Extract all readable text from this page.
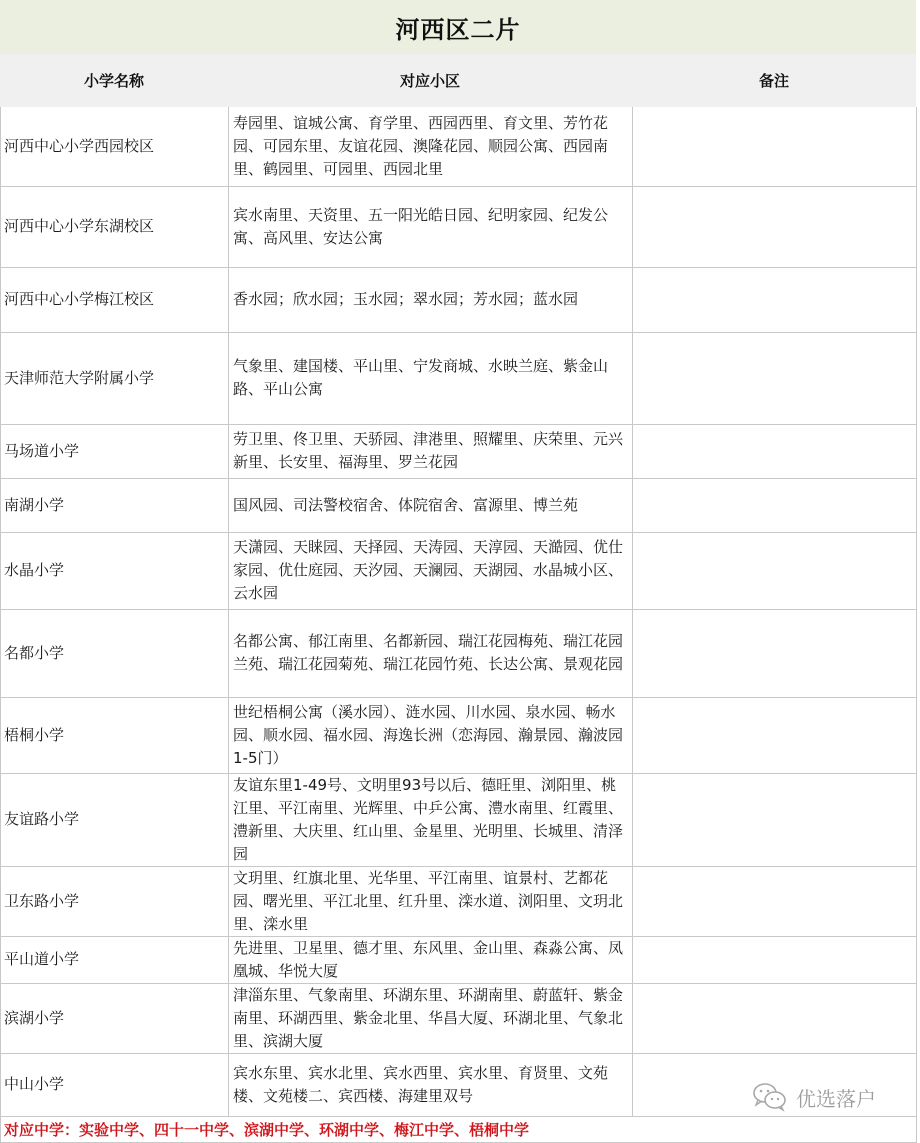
河西区二片
小学名称	对应小区	备注
河西中心小学西园校区	寿园里、谊城公寓、育学里、西园西里、育文里、芳竹花园、可园东里、友谊花园、澳隆花园、顺园公寓、西园南里、鹤园里、可园里、西园北里	
河西中心小学东湖校区	宾水南里、天资里、五一阳光皓日园、纪明家园、纪发公寓、高风里、安达公寓	
河西中心小学梅江校区	香水园；欣水园；玉水园；翠水园；芳水园；蓝水园	
天津师范大学附属小学	气象里、建国楼、平山里、宁发商城、水映兰庭、紫金山路、平山公寓	
马场道小学	劳卫里、佟卫里、天骄园、津港里、照耀里、庆荣里、元兴新里、长安里、福海里、罗兰花园	
南湖小学	国风园、司法警校宿舍、体院宿舍、富源里、博兰苑	
水晶小学	天潇园、天睐园、天择园、天涛园、天淳园、天澔园、优仕家园、优仕庭园、天汐园、天澜园、天湖园、水晶城小区、云水园	
名都小学	名都公寓、郁江南里、名都新园、瑞江花园梅苑、瑞江花园兰苑、瑞江花园菊苑、瑞江花园竹苑、长达公寓、景观花园	
梧桐小学	世纪梧桐公寓（溪水园）、涟水园、川水园、泉水园、畅水园、顺水园、福水园、海逸长洲（恋海园、瀚景园、瀚波园1-5门）	
友谊路小学	友谊东里1-49号、文明里93号以后、德旺里、浏阳里、桃江里、平江南里、光辉里、中乒公寓、澧水南里、红霞里、澧新里、大庆里、红山里、金星里、光明里、长城里、清泽园	
卫东路小学	文玥里、红旗北里、光华里、平江南里、谊景村、艺都花园、曙光里、平江北里、红升里、滦水道、浏阳里、文玥北里、滦水里	
平山道小学	先进里、卫星里、德才里、东风里、金山里、森淼公寓、凤凰城、华悦大厦	
滨湖小学	津淄东里、气象南里、环湖东里、环湖南里、蔚蓝轩、紫金南里、环湖西里、紫金北里、华昌大厦、环湖北里、气象北里、滨湖大厦	
中山小学	宾水东里、宾水北里、宾水西里、宾水里、育贤里、文苑楼、文苑楼二、宾西楼、海建里双号	
对应中学：实验中学、四十一中学、滨湖中学、环湖中学、梅江中学、梧桐中学
优选落户
